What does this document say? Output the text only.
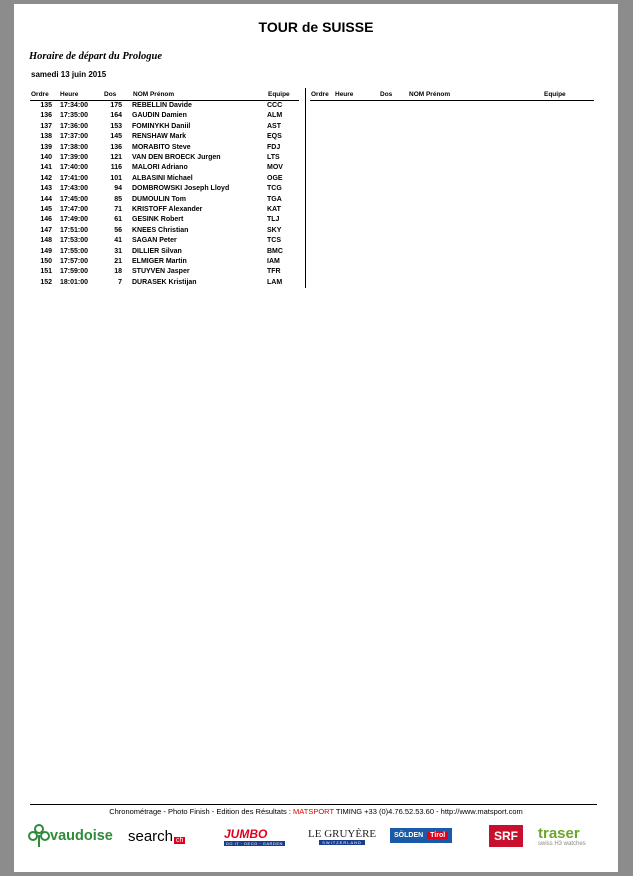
TOUR de SUISSE
Horaire de départ du Prologue
samedi 13 juin 2015
Ordre Heure	Dos	NOM Prénom	Equipe	Ordre Heure	Dos	NOM Prénom	Equipe
135 17:34:00	175 REBELLIN Davide	CCC
136 17:35:00	164 GAUDIN Damien	ALM
137 17:36:00	153 FOMINYKH Daniil	AST
138 17:37:00	145 RENSHAW Mark	EQS
139 17:38:00	136 MORABITO Steve	FDJ
140 17:39:00	121 VAN DEN BROECK Jurgen	LTS
141 17:40:00	116 MALORI Adriano	MOV
142 17:41:00	101 ALBASINI Michael	OGE
143 17:43:00	94 DOMBROWSKI Joseph Lloyd	TCG
144 17:45:00	85 DUMOULIN Tom	TGA
145 17:47:00	71 KRISTOFF Alexander	KAT
146 17:49:00	61 GESINK Robert	TLJ
147 17:51:00	56 KNEES Christian	SKY
148 17:53:00	41 SAGAN Peter	TCS
149 17:55:00	31 DILLIER Silvan	BMC
150 17:57:00	21 ELMIGER Martin	IAM
151 17:59:00	18 STUYVEN Jasper	TFR
152 18:01:00	7 DURASEK Kristijan	LAM
Chronométrage - Photo Finish - Edition des Résultats : MATSPORT TIMING +33 (0)4.76.52.53.60 - http://www.matsport.com
vaudoise search ch	JUMBO
DO IT · DECO · GARDEN
LE GRUYÈRE
SWITZERLAND
SÖLDEN	Tirol	SRF traser
swiss H3 watches
